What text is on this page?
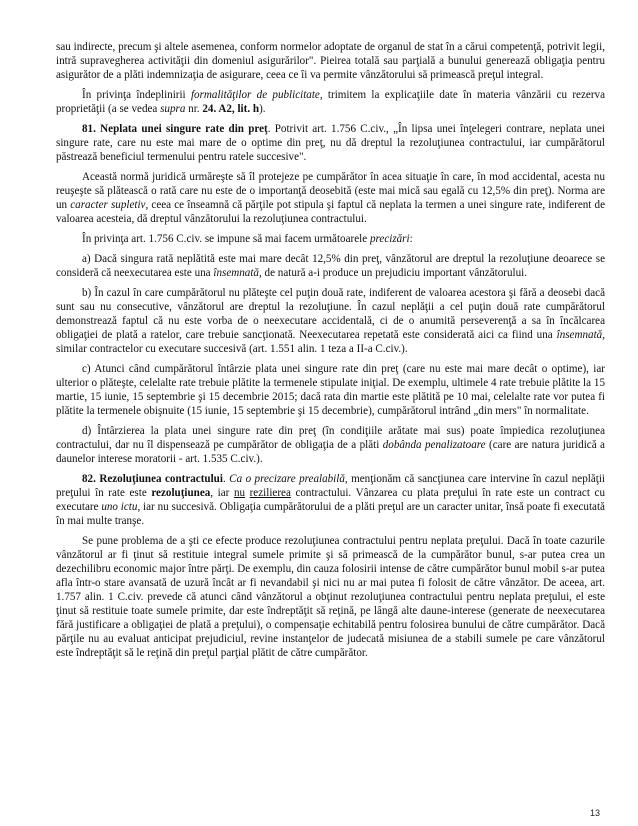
sau indirecte, precum şi altele asemenea, conform normelor adoptate de organul de stat în a cărui competenţă, potrivit legii, intră supravegherea activităţii din domeniul asigurărilor". Pieirea totală sau parţială a bunului generează obligaţia pentru asigurător de a plăti indemnizaţia de asigurare, ceea ce îi va permite vânzătorului să primească preţul integral.

În privinţa îndeplinirii formalităţilor de publicitate, trimitem la explicaţiile date în materia vânzării cu rezerva proprietăţii (a se vedea supra nr. 24. A2, lit. h).

81. Neplata unei singure rate din preţ. Potrivit art. 1.756 C.civ., „În lipsa unei înţelegeri contrare, neplata unei singure rate, care nu este mai mare de o optime din preţ, nu dă dreptul la rezoluţiunea contractului, iar cumpărătorul păstrează beneficiul termenului pentru ratele succesive".

Această normă juridică urmăreşte să îl protejeze pe cumpărător în acea situaţie în care, în mod accidental, acesta nu reuşeşte să plătească o rată care nu este de o importanţă deosebită (este mai mică sau egală cu 12,5% din preţ). Norma are un caracter supletiv, ceea ce înseamnă că părţile pot stipula şi faptul că neplata la termen a unei singure rate, indiferent de valoarea acesteia, dă dreptul vânzătorului la rezoluţiunea contractului.

În privinţa art. 1.756 C.civ. se impune să mai facem următoarele precizări:

a) Dacă singura rată neplătită este mai mare decât 12,5% din preţ, vânzătorul are dreptul la rezoluţiune deoarece se consideră că neexecutarea este una însemnată, de natură a-i produce un prejudiciu important vânzătorului.

b) În cazul în care cumpărătorul nu plăteşte cel puţin două rate, indiferent de valoarea acestora şi fără a deosebi dacă sunt sau nu consecutive, vânzătorul are dreptul la rezoluţiune. În cazul neplăţii a cel puţin două rate cumpărătorul demonstrează faptul că nu este vorba de o neexecutare accidentală, ci de o anumită perseverenţă a sa în încălcarea obligaţiei de plată a ratelor, care trebuie sancţionată. Neexecutarea repetată este considerată aici ca fiind una însemnată, similar contractelor cu executare succesivă (art. 1.551 alin. 1 teza a II-a C.civ.).

c) Atunci când cumpărătorul întârzie plata unei singure rate din preţ (care nu este mai mare decât o optime), iar ulterior o plăteşte, celelalte rate trebuie plătite la termenele stipulate iniţial. De exemplu, ultimele 4 rate trebuie plătite la 15 martie, 15 iunie, 15 septembrie şi 15 decembrie 2015; dacă rata din martie este plătită pe 10 mai, celelalte rate vor putea fi plătite la termenele obişnuite (15 iunie, 15 septembrie şi 15 decembrie), cumpărătorul intrând „din mers" în normalitate.

d) Întârzierea la plata unei singure rate din preţ (în condiţiile arătate mai sus) poate împiedica rezoluţiunea contractului, dar nu îl dispensează pe cumpărător de obligaţia de a plăti dobânda penalizatoare (care are natura juridică a daunelor interese moratorii - art. 1.535 C.civ.).

82. Rezoluţiunea contractului. Ca o precizare prealabilă, menţionăm că sancţiunea care intervine în cazul neplăţii preţului în rate este rezoluţiunea, iar nu rezilierea contractului. Vânzarea cu plata preţului în rate este un contract cu executare uno ictu, iar nu succesivă. Obligaţia cumpărătorului de a plăti preţul are un caracter unitar, însă poate fi executată în mai multe tranşe.

Se pune problema de a şti ce efecte produce rezoluţiunea contractului pentru neplata preţului. Dacă în toate cazurile vânzătorul ar fi ţinut să restituie integral sumele primite şi să primească de la cumpărător bunul, s-ar putea crea un dezechilibru economic major între părţi. De exemplu, din cauza folosirii intense de către cumpărător bunul mobil s-ar putea afla într-o stare avansată de uzură încât ar fi nevandabil şi nici nu ar mai putea fi folosit de către vânzător. De aceea, art. 1.757 alin. 1 C.civ. prevede că atunci când vânzătorul a obţinut rezoluţiunea contractului pentru neplata preţului, el este ţinut să restituie toate sumele primite, dar este îndreptăţit să reţină, pe lângă alte daune-interese (generate de neexecutarea fără justificare a obligaţiei de plată a preţului), o compensaţie echitabilă pentru folosirea bunului de către cumpărător. Dacă părţile nu au evaluat anticipat prejudiciul, revine instanţelor de judecată misiunea de a stabili sumele pe care vânzătorul este îndreptăţit să le reţină din preţul parţial plătit de către cumpărător.

13
